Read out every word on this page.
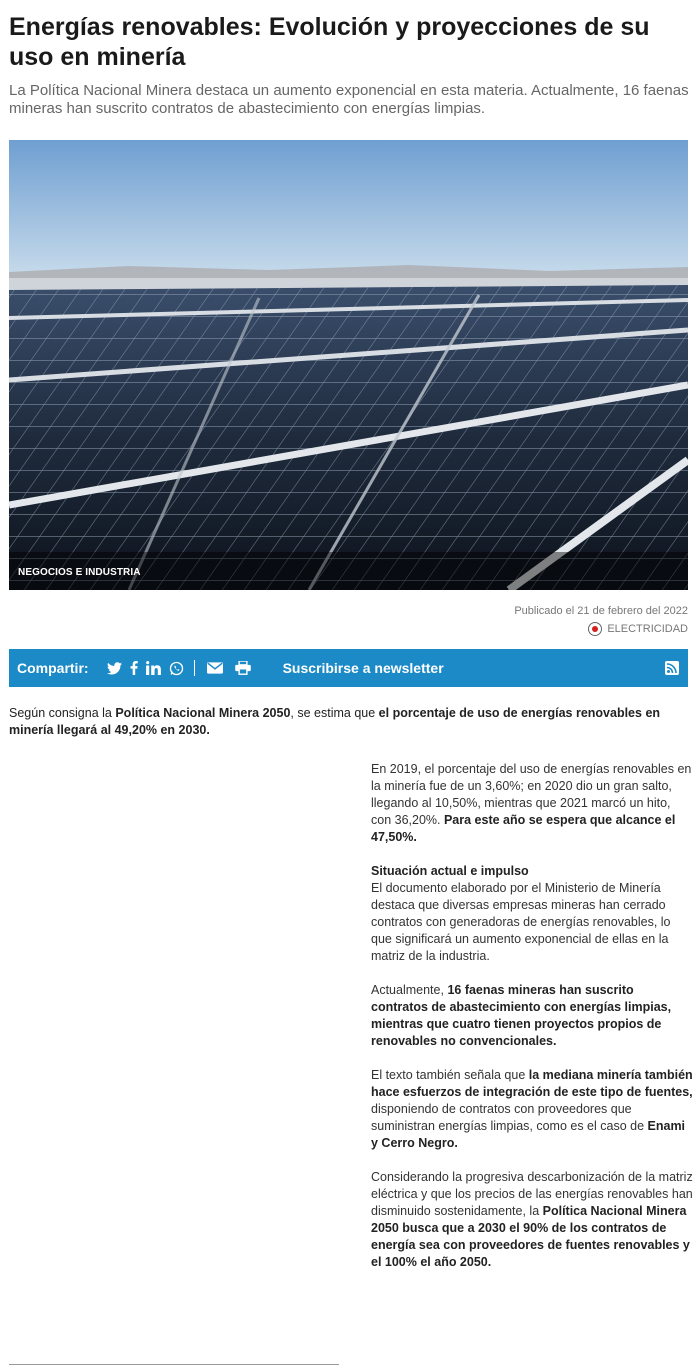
Energías renovables: Evolución y proyecciones de su uso en minería

La Política Nacional Minera destaca un aumento exponencial en esta materia. Actualmente, 16 faenas mineras han suscrito contratos de abastecimiento con energías limpias.

NEGOCIOS E INDUSTRIA
Publicado el 21 de febrero del 2022
ELECTRICIDAD
Compartir:	Suscribirse a newsletter

Según consigna la Política Nacional Minera 2050, se estima que el porcentaje de uso de energías renovables en minería llegará al 49,20% en 2030.

En 2019, el porcentaje del uso de energías renovables en la minería fue de un 3,60%; en 2020 dio un gran salto, llegando al 10,50%, mientras que 2021 marcó un hito, con 36,20%. Para este año se espera que alcance el 47,50%.

Situación actual e impulso

El documento elaborado por el Ministerio de Minería destaca que diversas empresas mineras han cerrado contratos con generadoras de energías renovables, lo que significará un aumento exponencial de ellas en la matriz de la industria.

Actualmente, 16 faenas mineras han suscrito contratos de abastecimiento con energías limpias, mientras que cuatro tienen proyectos propios de renovables no convencionales.

El texto también señala que la mediana minería también hace esfuerzos de integración de este tipo de fuentes, disponiendo de contratos con proveedores que suministran energías limpias, como es el caso de Enami y Cerro Negro.

Considerando la progresiva descarbonización de la matriz eléctrica y que los precios de las energías renovables han disminuido sostenidamente, la Política Nacional Minera 2050 busca que a 2030 el 90% de los contratos de energía sea con proveedores de fuentes renovables y el 100% el año 2050.
